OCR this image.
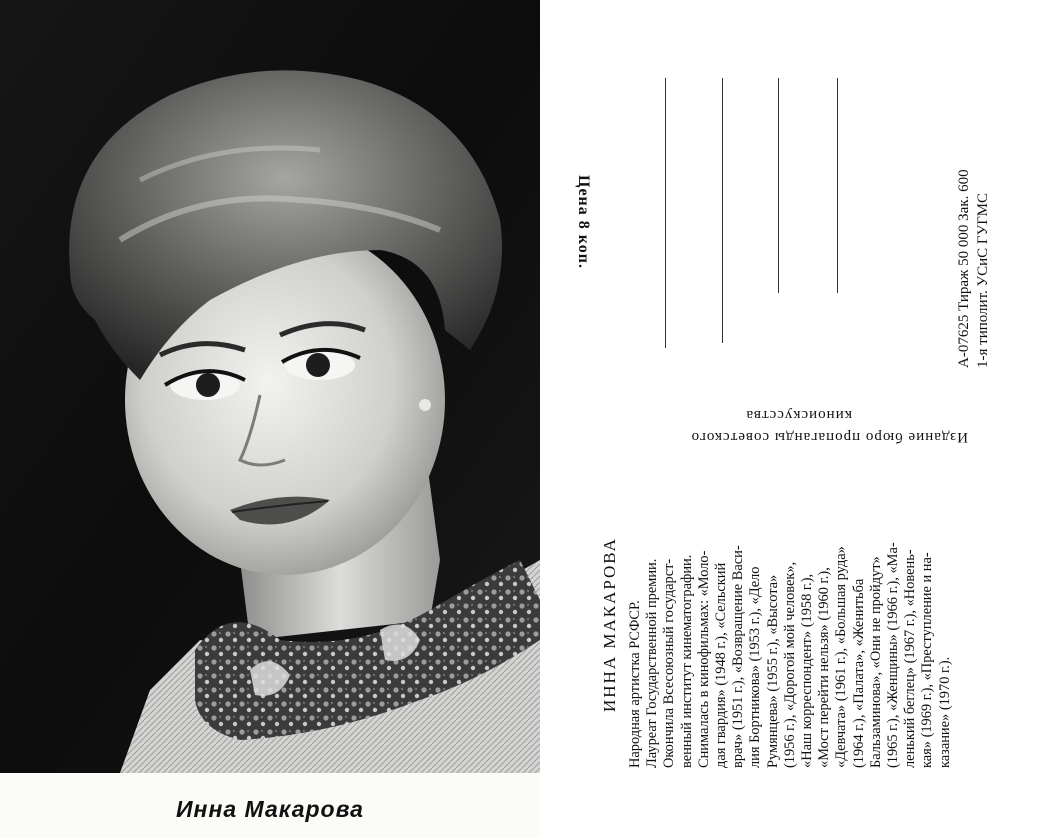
Инна Макарова
Цена 8 коп.	А-07625 Тираж 50 000 Зак. 600 1-я типолит. УСиС ГУГМС
Издание бюро пропаганды советского
киноискусства
ИННА МАКАРОВА Народная артистка РСФСР. Лауреат Государственной премии. Окончила Всесоюзный государст- венный институт кинематографии. Снималась в кинофильмах: «Моло- дая гвардия» (1948 г.), «Сельский врач» (1951 г.), «Возвращение Васи- лия Бортникова» (1953 г.), «Дело Румянцева» (1955 г.), «Высота» (1956 г.), «Дорогой мой человек», «Наш корреспондент» (1958 г.), «Мост перейти нельзя» (1960 г.), «Девчата» (1961 г.), «Большая руда» (1964 г.), «Палата», «Женитьба Бальзаминова», «Они не пройдут» (1965 г.), «Женщины» (1966 г.), «Ма- ленький беглец» (1967 г.), «Новень- кая» (1969 г.), «Преступление и на- казание» (1970 г.).
